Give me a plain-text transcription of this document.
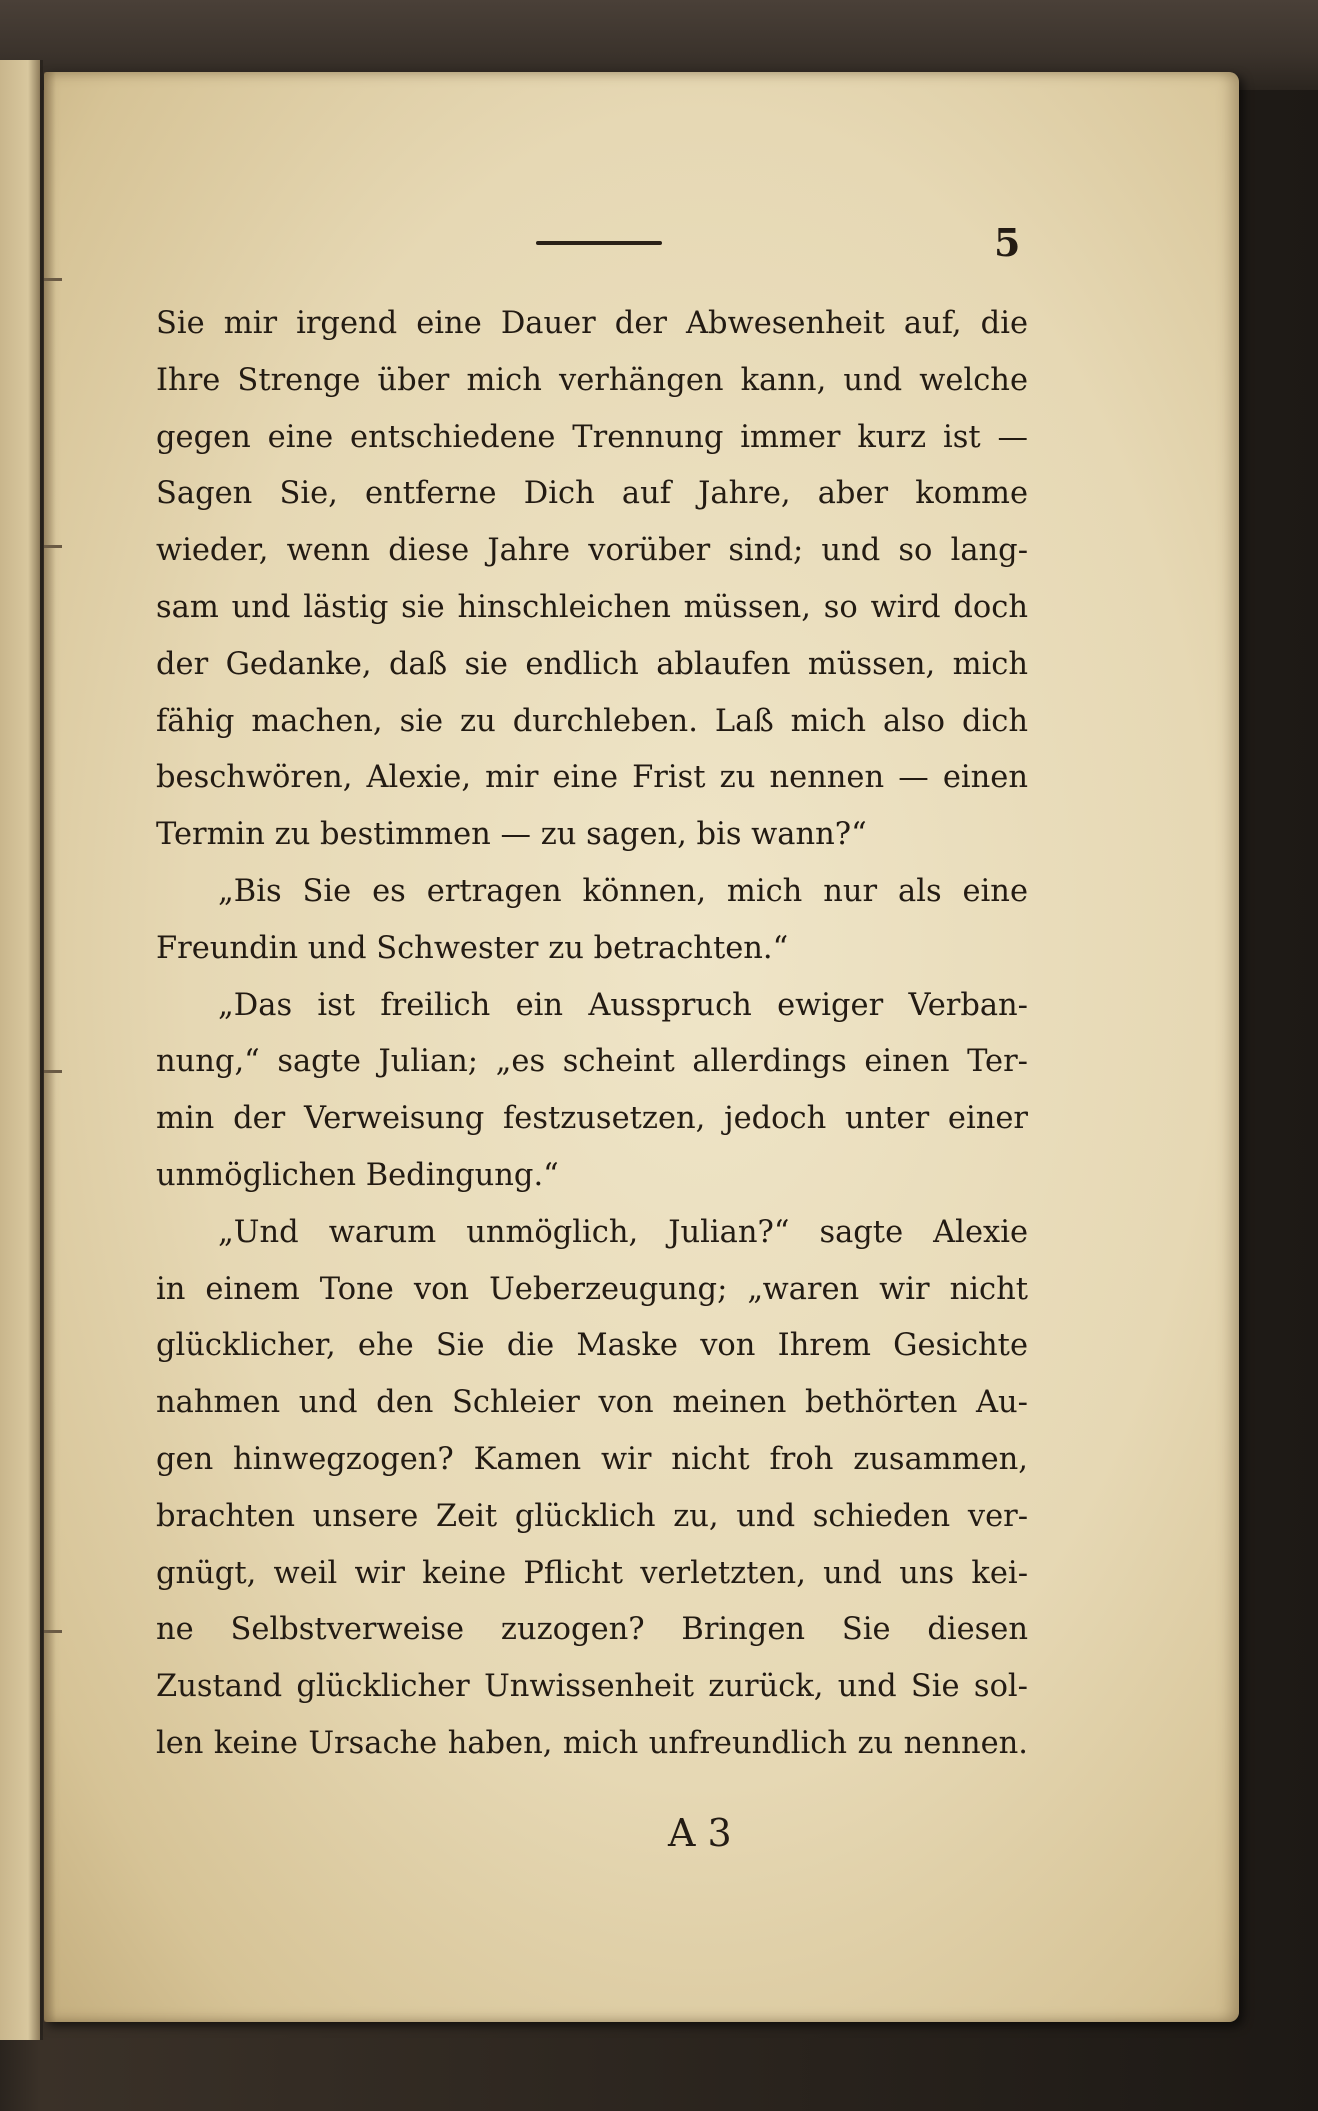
5
Sie mir irgend eine Dauer der Abwesenheit auf, die
Ihre Strenge über mich verhängen kann, und welche
gegen eine entschiedene Trennung immer kurz ist —
Sagen Sie, entferne Dich auf Jahre, aber komme
wieder, wenn diese Jahre vorüber sind; und so lang-
sam und lästig sie hinschleichen müssen, so wird doch
der Gedanke, daß sie endlich ablaufen müssen, mich
fähig machen, sie zu durchleben. Laß mich also dich
beschwören, Alexie, mir eine Frist zu nennen — einen
Termin zu bestimmen — zu sagen, bis wann?“
„Bis Sie es ertragen können, mich nur als eine
Freundin und Schwester zu betrachten.“
„Das ist freilich ein Ausspruch ewiger Verban-
nung,“ sagte Julian; „es scheint allerdings einen Ter-
min der Verweisung festzusetzen, jedoch unter einer
unmöglichen Bedingung.“
„Und warum unmöglich, Julian?“ sagte Alexie
in einem Tone von Ueberzeugung; „waren wir nicht
glücklicher, ehe Sie die Maske von Ihrem Gesichte
nahmen und den Schleier von meinen bethörten Au-
gen hinwegzogen? Kamen wir nicht froh zusammen,
brachten unsere Zeit glücklich zu, und schieden ver-
gnügt, weil wir keine Pflicht verletzten, und uns kei-
ne Selbstverweise zuzogen? Bringen Sie diesen
Zustand glücklicher Unwissenheit zurück, und Sie sol-
len keine Ursache haben, mich unfreundlich zu nennen.
A 3
